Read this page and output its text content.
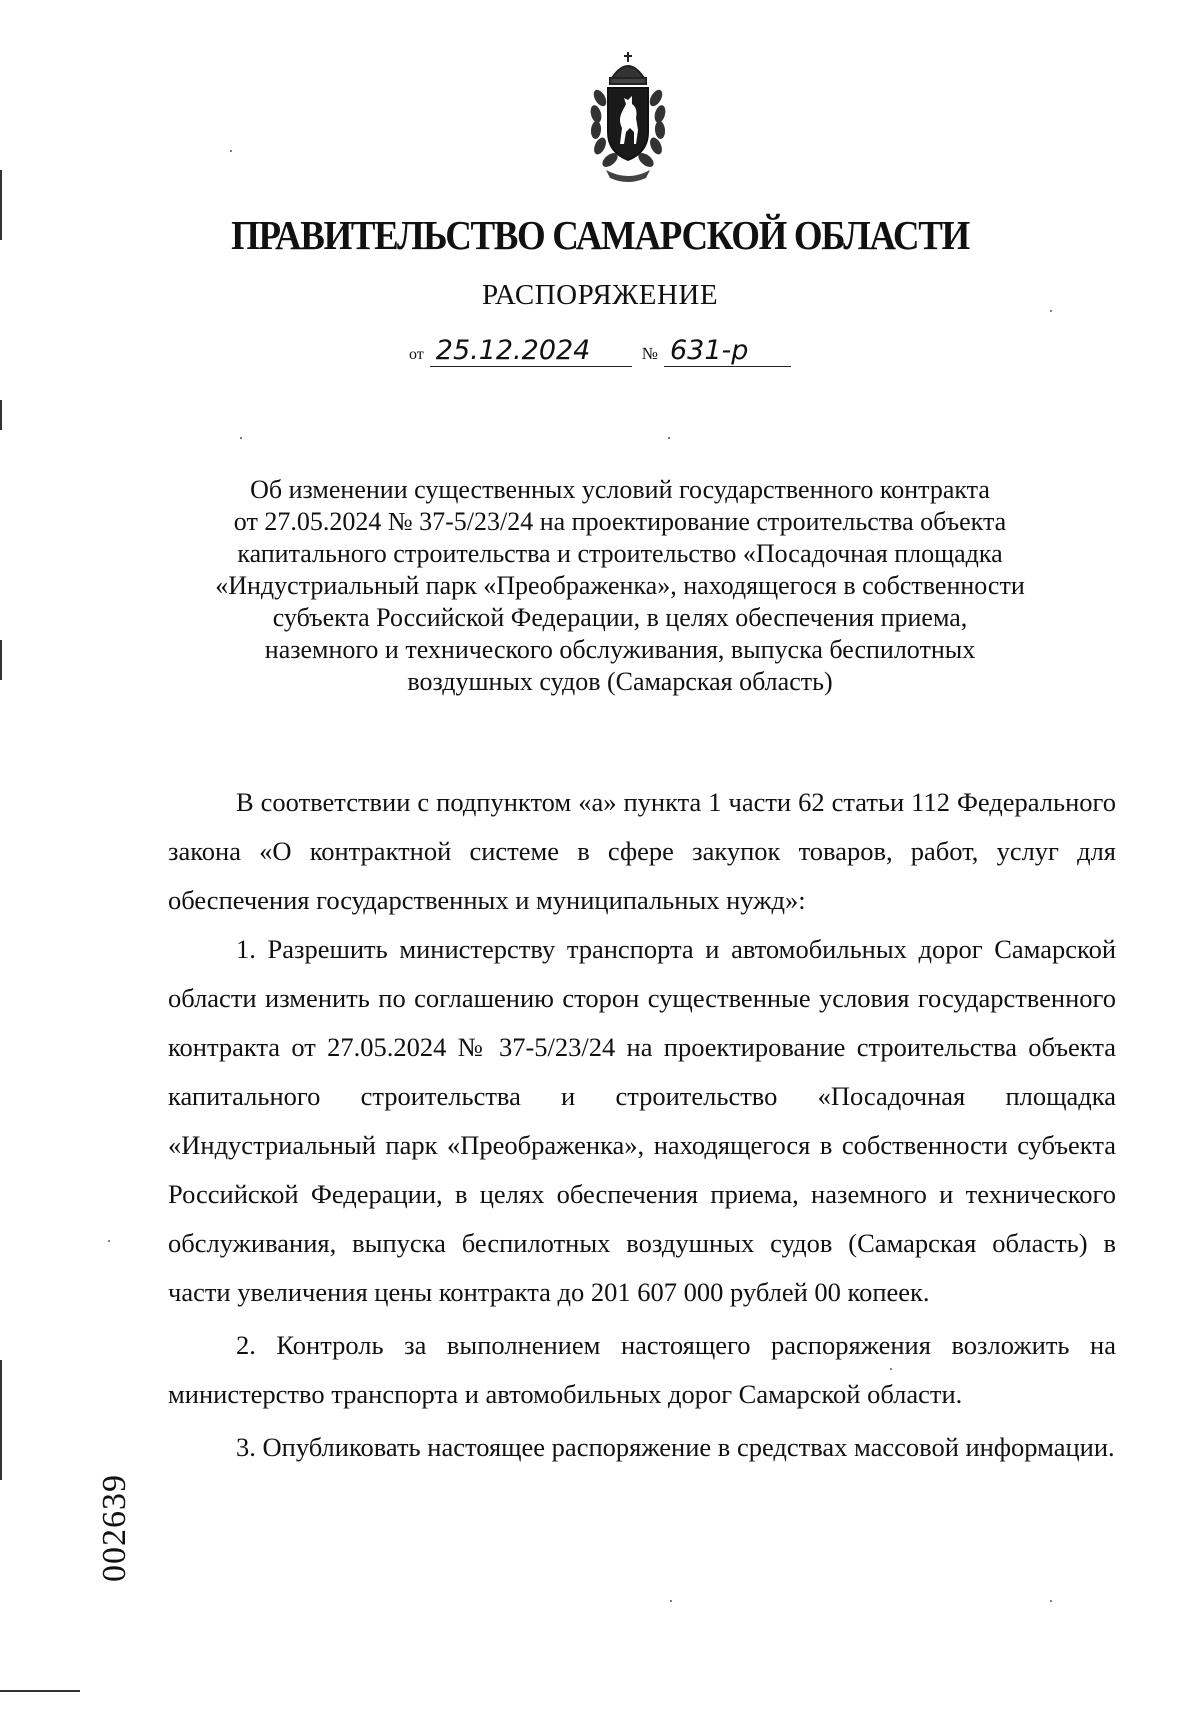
ПРАВИТЕЛЬСТВО САМАРСКОЙ ОБЛАСТИ
РАСПОРЯЖЕНИЕ
от 25.12.2024	№ 631-р

Об изменении существенных условий государственного контракта

от 27.05.2024 № 37-5/23/24 на проектирование строительства объекта

капитального строительства и строительство «Посадочная площадка

«Индустриальный парк «Преображенка», находящегося в собственности

субъекта Российской Федерации, в целях обеспечения приема,

наземного и технического обслуживания, выпуска беспилотных

воздушных судов (Самарская область)

В соответствии с подпунктом «а» пункта 1 части 62 статьи 112 Федерального закона «О контрактной системе в сфере закупок товаров, работ, услуг для обеспечения государственных и муниципальных нужд»:

1. Разрешить министерству транспорта и автомобильных дорог Самарской области изменить по соглашению сторон существенные условия государственного контракта от 27.05.2024 № 37-5/23/24 на проектирование строительства объекта капитального строительства и строительство «Посадочная площадка «Индустриальный парк «Преображенка», находящегося в собственности субъекта Российской Федерации, в целях обеспечения приема, наземного и технического обслуживания, выпуска беспилотных воздушных судов (Самарская область) в части увеличения цены контракта до 201 607 000 рублей 00 копеек.

2. Контроль за выполнением настоящего распоряжения возложить на министерство транспорта и автомобильных дорог Самарской области.

3. Опубликовать настоящее распоряжение в средствах массовой информации.

002639
